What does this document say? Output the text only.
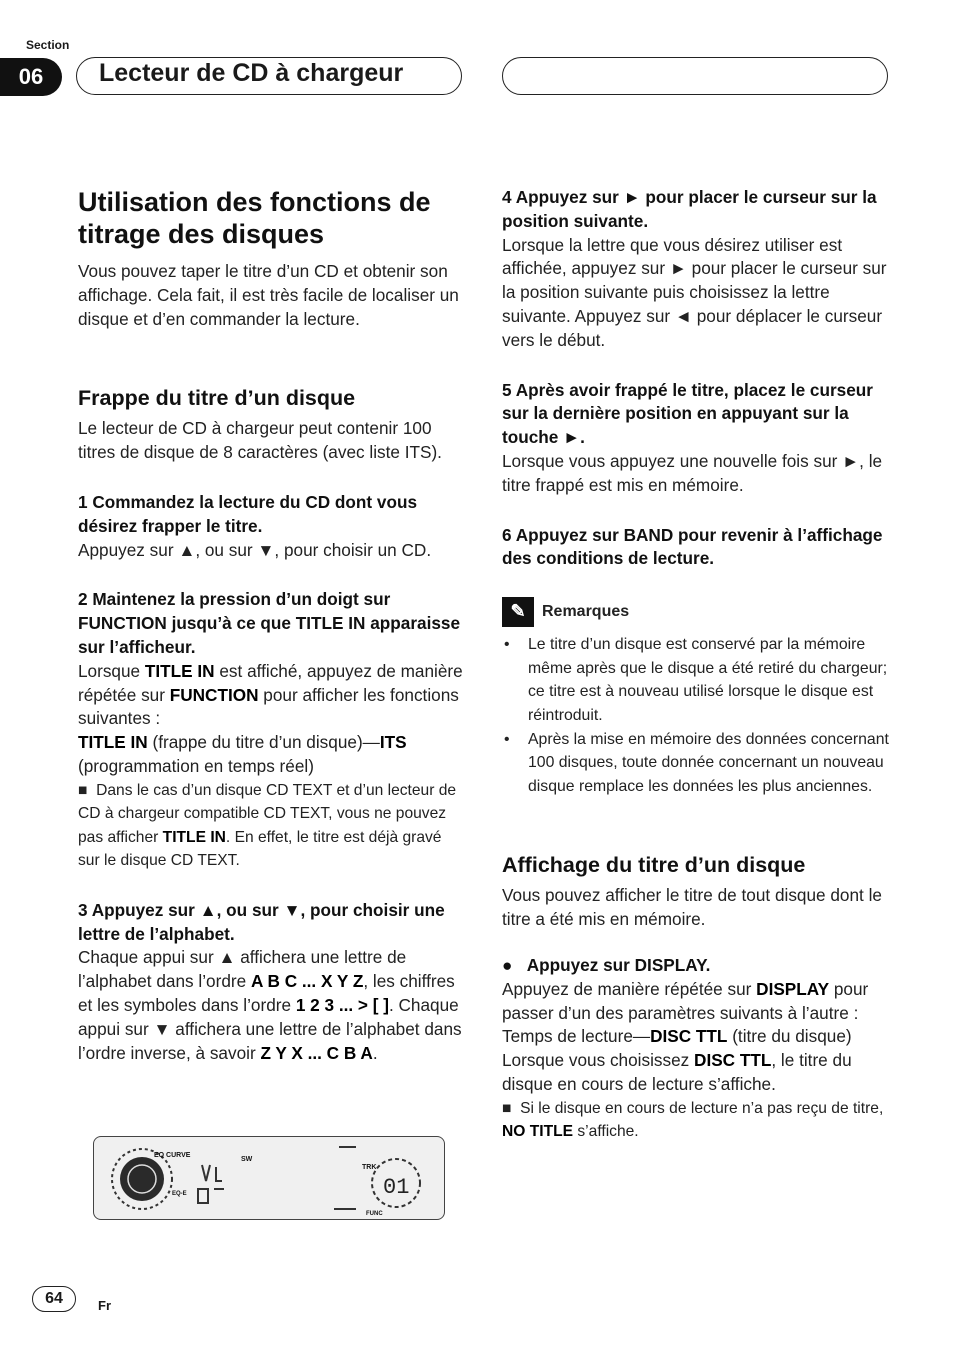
Section
06	Lecteur de CD à chargeur
Utilisation des fonctions de titrage des disques

Vous pouvez taper le titre d’un CD et obtenir son affichage. Cela fait, il est très facile de localiser un disque et d’en commander la lecture.

Frappe du titre d’un disque

Le lecteur de CD à chargeur peut contenir 100 titres de disque de 8 caractères (avec liste ITS).

1 Commandez la lecture du CD dont vous désirez frapper le titre.

Appuyez sur ▲, ou sur ▼, pour choisir un CD.

2 Maintenez la pression d’un doigt sur FUNCTION jusqu’à ce que TITLE IN apparaisse sur l’afficheur.

Lorsque TITLE IN est affiché, appuyez de manière répétée sur FUNCTION pour afficher les fonctions suivantes :

TITLE IN (frappe du titre d’un disque)—ITS (programmation en temps réel)

■  Dans le cas d’un disque CD TEXT et d’un lecteur de CD à chargeur compatible CD TEXT, vous ne pouvez pas afficher TITLE IN. En effet, le titre est déjà gravé sur le disque CD TEXT.

3 Appuyez sur ▲, ou sur ▼, pour choisir une lettre de l’alphabet.

Chaque appui sur ▲ affichera une lettre de l’alphabet dans l’ordre A B C ... X Y Z, les chiffres et les symboles dans l’ordre 1 2 3 ... > [ ]. Chaque appui sur ▼ affichera une lettre de l’alphabet dans l’ordre inverse, à savoir Z Y X ... C B A.

EQ CURVE
SW
EQ-E
TRK
FUNC
01

4 Appuyez sur ► pour placer le curseur sur la position suivante.

Lorsque la lettre que vous désirez utiliser est affichée, appuyez sur ► pour placer le curseur sur la position suivante puis choisissez la lettre suivante. Appuyez sur ◄ pour déplacer le curseur vers le début.

5 Après avoir frappé le titre, placez le curseur sur la dernière position en appuyant sur la touche ►.

Lorsque vous appuyez une nouvelle fois sur ►, le titre frappé est mis en mémoire.

6 Appuyez sur BAND pour revenir à l’affichage des conditions de lecture.

✎	Remarques
• Le titre d’un disque est conservé par la mémoire même après que le disque a été retiré du chargeur; ce titre est à nouveau utilisé lorsque le disque est réintroduit.
• Après la mise en mémoire des données concernant 100 disques, toute donnée concernant un nouveau disque remplace les données les plus anciennes.
Affichage du titre d’un disque

Vous pouvez afficher le titre de tout disque dont le titre a été mis en mémoire.

●   Appuyez sur DISPLAY.

Appuyez de manière répétée sur DISPLAY pour passer d’un des paramètres suivants à l’autre :

Temps de lecture—DISC TTL (titre du disque)

Lorsque vous choisissez DISC TTL, le titre du disque en cours de lecture s’affiche.

■  Si le disque en cours de lecture n’a pas reçu de titre, NO TITLE s’affiche.

64	Fr
